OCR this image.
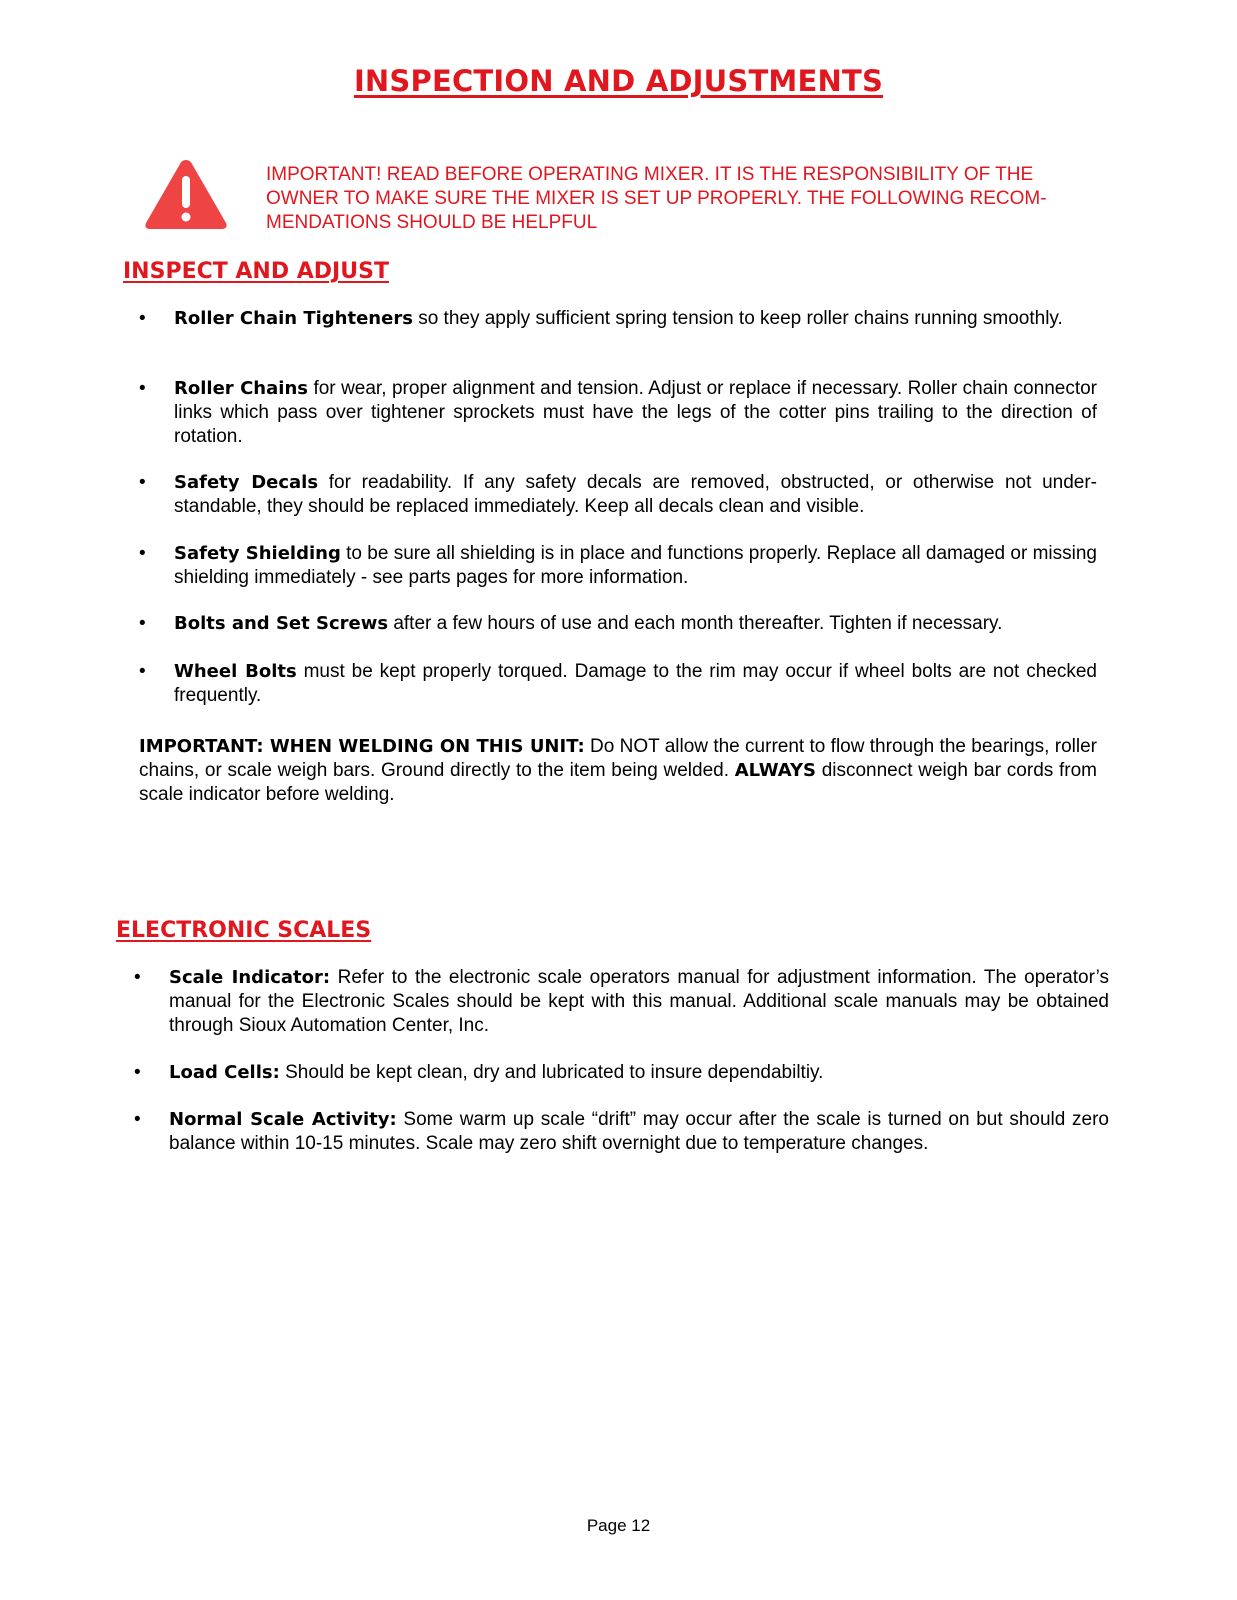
INSPECTION AND ADJUSTMENTS
IMPORTANT! READ BEFORE OPERATING MIXER. IT IS THE RESPONSIBILITY OF THE OWNER TO MAKE SURE THE MIXER IS SET UP PROPERLY. THE FOLLOWING RECOM-MENDATIONS SHOULD BE HELPFUL
INSPECT AND ADJUST
• Roller Chain Tighteners so they apply sufficient spring tension to keep roller chains running smoothly.
• Roller Chains for wear, proper alignment and tension. Adjust or replace if necessary. Roller chain connector links which pass over tightener sprockets must have the legs of the cotter pins trailing to the direction of rotation.
• Safety Decals for readability. If any safety decals are removed, obstructed, or otherwise not under-standable, they should be replaced immediately. Keep all decals clean and visible.
• Safety Shielding to be sure all shielding is in place and functions properly. Replace all damaged or missing shielding immediately - see parts pages for more information.
• Bolts and Set Screws after a few hours of use and each month thereafter. Tighten if necessary.
• Wheel Bolts must be kept properly torqued. Damage to the rim may occur if wheel bolts are not checked frequently.
IMPORTANT: WHEN WELDING ON THIS UNIT: Do NOT allow the current to flow through the bearings, roller chains, or scale weigh bars. Ground directly to the item being welded. ALWAYS disconnect weigh bar cords from scale indicator before welding.
ELECTRONIC SCALES
• Scale Indicator: Refer to the electronic scale operators manual for adjustment information. The operator’s manual for the Electronic Scales should be kept with this manual. Additional scale manuals may be obtained through Sioux Automation Center, Inc.
• Load Cells: Should be kept clean, dry and lubricated to insure dependabiltiy.
• Normal Scale Activity: Some warm up scale “drift” may occur after the scale is turned on but should zero balance within 10-15 minutes. Scale may zero shift overnight due to temperature changes.
Page 12
